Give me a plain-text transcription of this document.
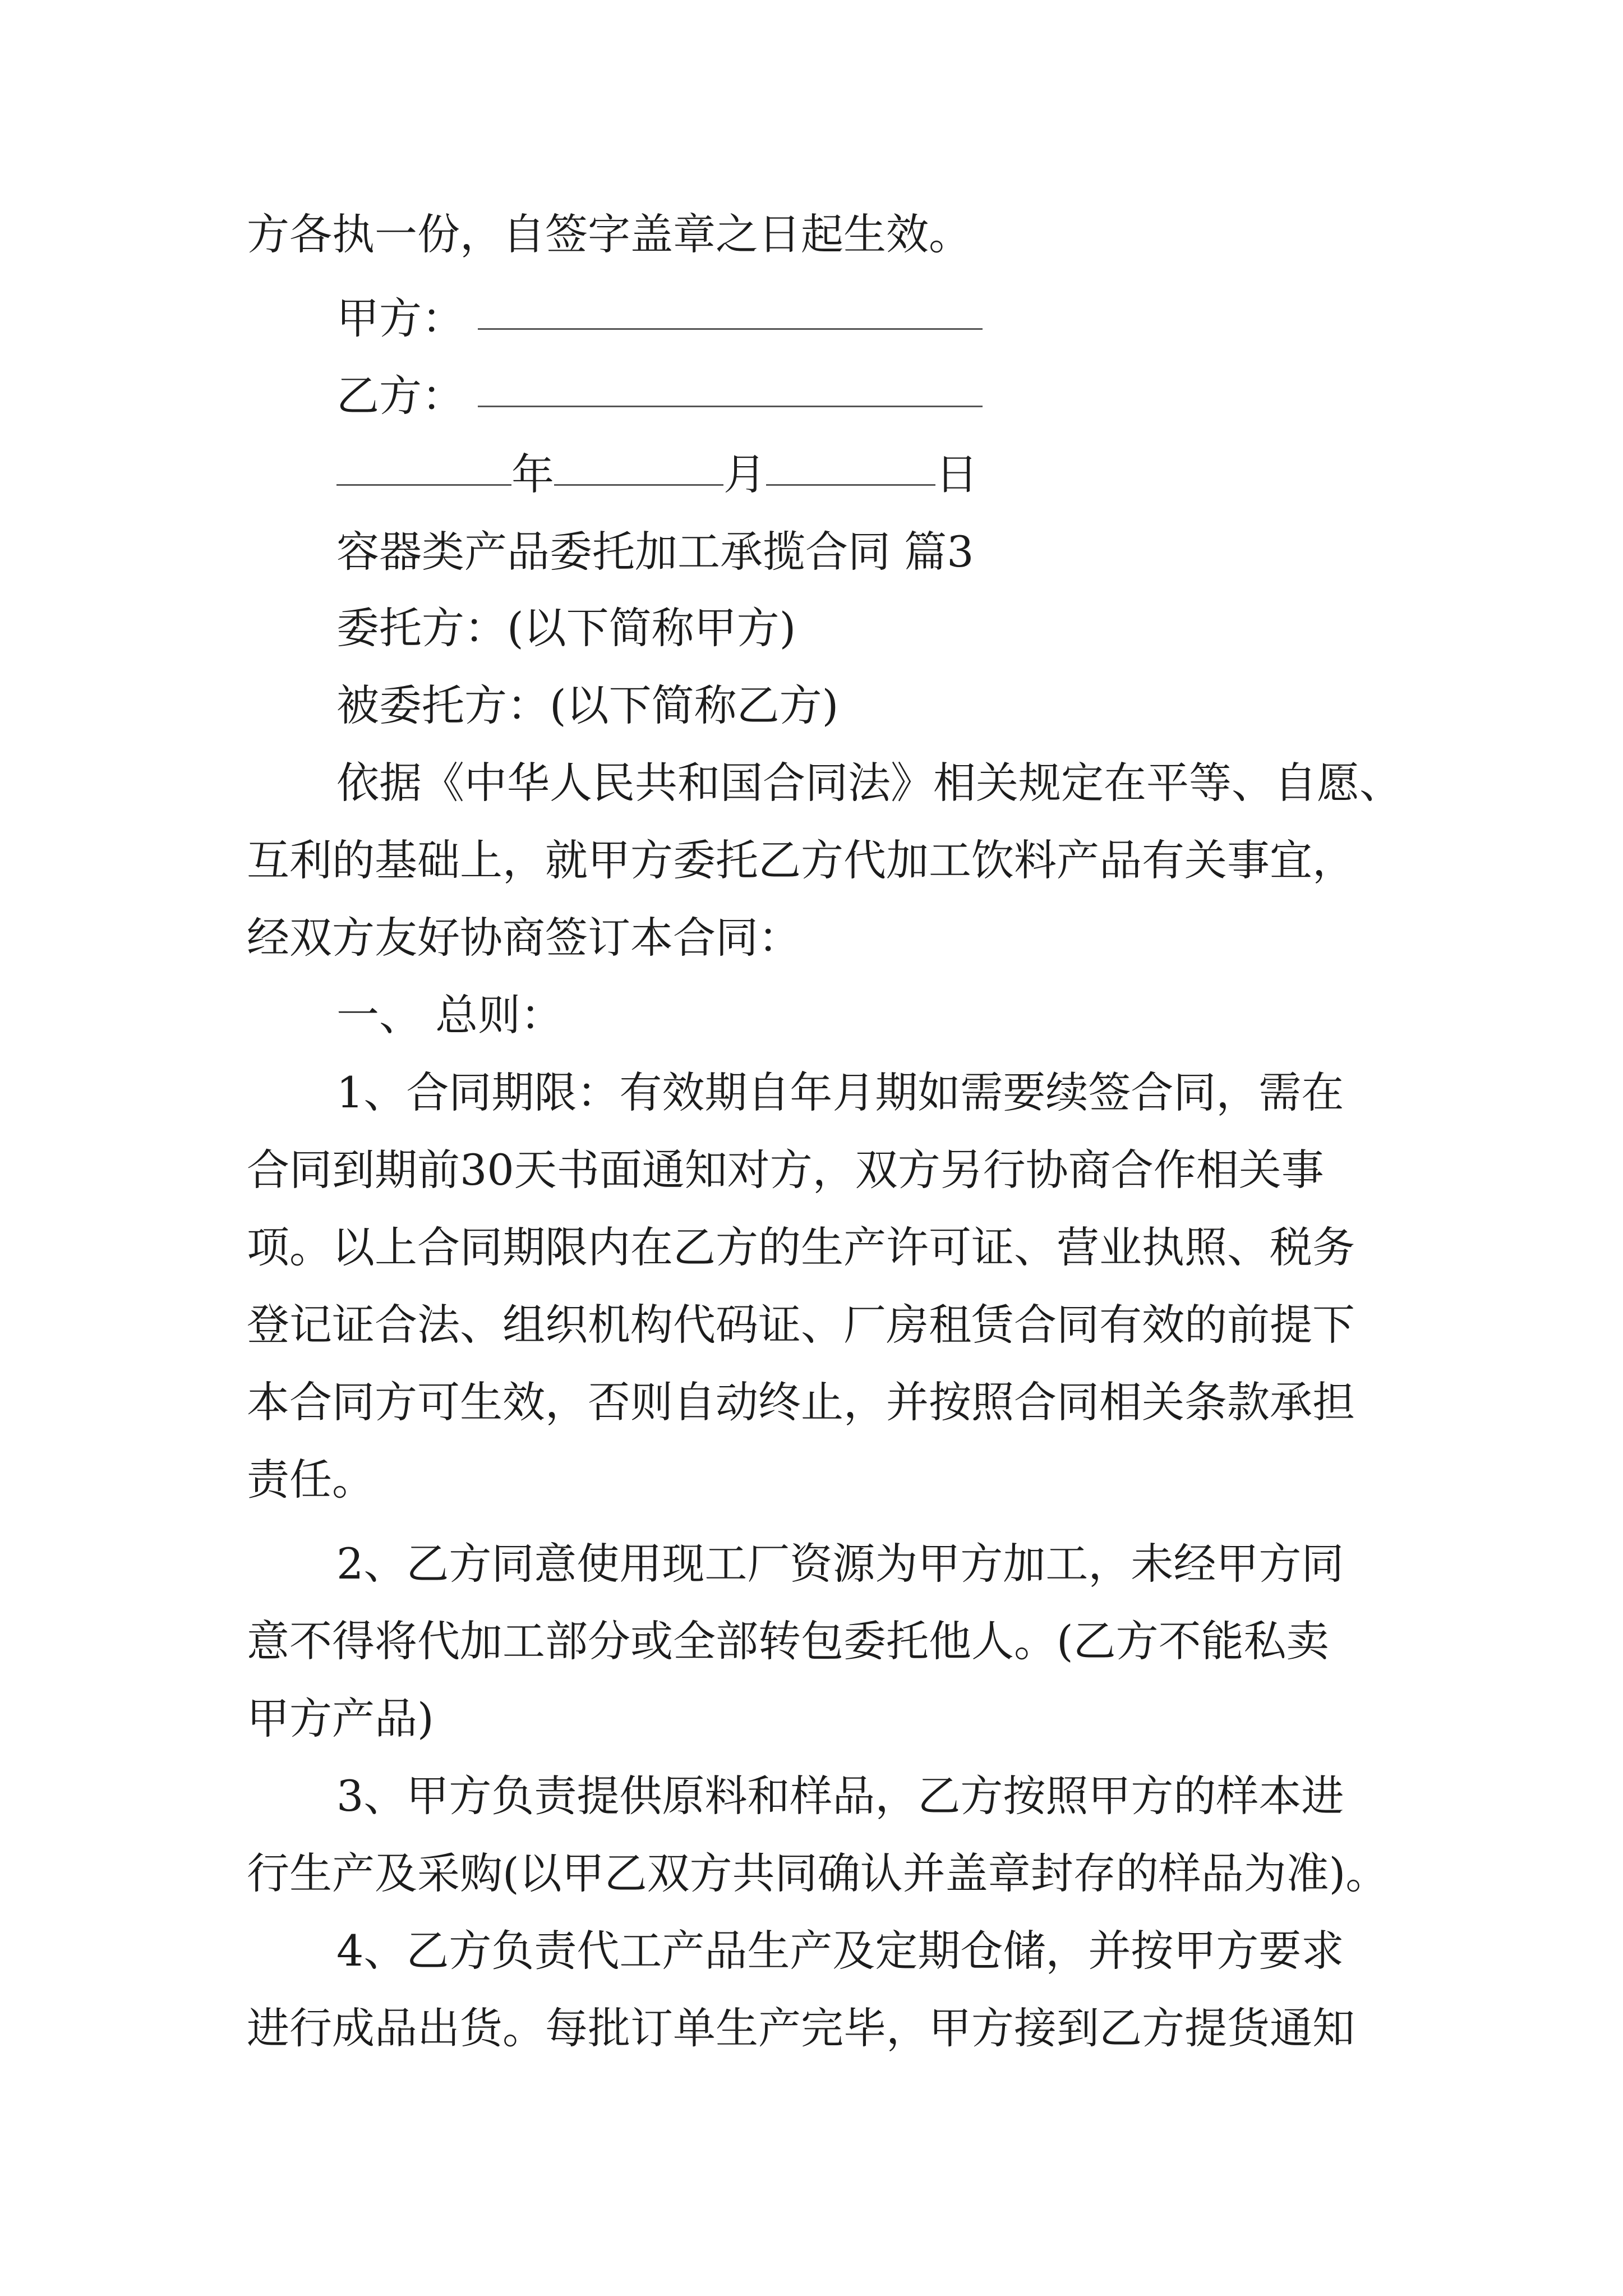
方各执一份，自签字盖章之日起生效。

甲方：

乙方：

年	月	日

容器类产品委托加工承揽合同 篇3

委托方：(以下简称甲方)

被委托方：(以下简称乙方)

依据《中华人民共和国合同法》相关规定在平等、自愿、

互利的基础上，就甲方委托乙方代加工饮料产品有关事宜，

经双方友好协商签订本合同：

一、 总则：

1、合同期限：有效期自年月期如需要续签合同，需在

合同到期前30天书面通知对方，双方另行协商合作相关事

项。以上合同期限内在乙方的生产许可证、营业执照、税务

登记证合法、组织机构代码证、厂房租赁合同有效的前提下

本合同方可生效，否则自动终止，并按照合同相关条款承担

责任。

2、乙方同意使用现工厂资源为甲方加工，未经甲方同

意不得将代加工部分或全部转包委托他人。(乙方不能私卖

甲方产品)

3、甲方负责提供原料和样品，乙方按照甲方的样本进

行生产及采购(以甲乙双方共同确认并盖章封存的样品为准)。

4、乙方负责代工产品生产及定期仓储，并按甲方要求

进行成品出货。每批订单生产完毕，甲方接到乙方提货通知
